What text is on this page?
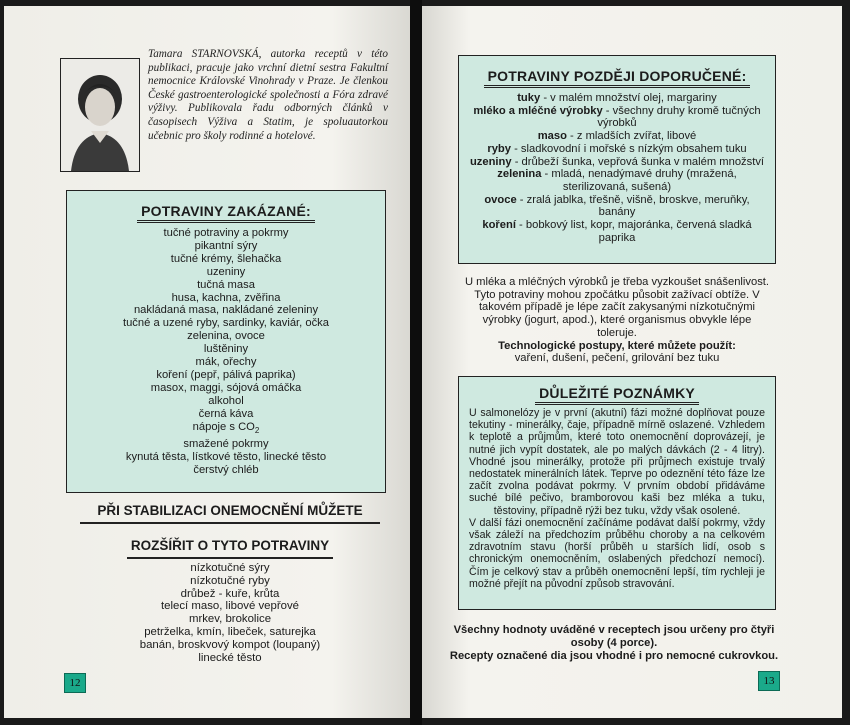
Tamara STARNOVSKÁ, autorka receptů v této publikaci, pracuje jako vrchní dietní sestra Fakultní nemocnice Královské Vinohrady v Praze. Je členkou České gastroenterologické společnosti a Fóra zdravé výživy. Publikovala řadu odborných článků v časopisech Výživa a Statim, je spoluautorkou učebnic pro školy rodinné a hotelové.
POTRAVINY ZAKÁZANÉ:
tučné potraviny a pokrmy
pikantní sýry
tučné krémy, šlehačka
uzeniny
tučná masa
husa, kachna, zvěřina
nakládaná masa, nakládané zeleniny
tučné a uzené ryby, sardinky, kaviár, očka
zelenina, ovoce
luštěniny
mák, ořechy
koření (pepř, pálivá paprika)
masox, maggi, sójová omáčka
alkohol
černá káva
nápoje s $CO_2$
smažené pokrmy
kynutá těsta, lístkové těsto, linecké těsto
čerstvý chléb
PŘI STABILIZACI ONEMOCNĚNÍ MŮŽETE
ROZŠÍŘIT O TYTO POTRAVINY
nízkotučné sýry
nízkotučné ryby
drůbež - kuře, krůta
telecí maso, libové vepřové
mrkev, brokolice
petrželka, kmín, libeček, saturejka
banán, broskvový kompot (loupaný)
linecké těsto
12
POTRAVINY POZDĚJI DOPORUČENÉ:
tuky - v malém množství olej, margarinу
mléko a mléčné výrobky - všechny druhy kromě tučných výrobků
maso - z mladších zvířat, libové
ryby - sladkovodní i mořské s nízkým obsahem tuku
uzeniny - drůbeží šunka, vepřová šunka v malém množství
zelenina - mladá, nenadýmavé druhy (mražená, sterilizovaná, sušená)
ovoce - zralá jablka, třešně, višně, broskve, meruňky, banány
koření - bobkový list, kopr, majoránka, červená sladká paprika
U mléka a mléčných výrobků je třeba vyzkoušet snášenlivost. Tyto potraviny mohou zpočátku působit zažívací obtíže. V takovém případě je lépe začít zakysanými nízkotučnými výrobky (jogurt, apod.), které organismus obvykle lépe toleruje.
Technologické postupy, které můžete použít:
vaření, dušení, pečení, grilování bez tuku
DŮLEŽITÉ POZNÁMKY
U salmonelózy je v první (akutní) fázi možné doplňovat pouze tekutiny - minerálky, čaje, případně mírně oslazené. Vzhledem k teplotě a průjmům, které toto onemocnění doprovázejí, je nutné jich vypít dostatek, ale po malých dávkách (2 - 4 litry). Vhodné jsou minerálky, protože při průjmech existuje trvalý nedostatek minerálních látek. Teprve po odeznění této fáze lze začít zvolna podávat pokrmy. V prvním období přidáváme suché bílé pečivo, bramborovou kaši bez mléka a tuku, těstoviny, případně rýži bez tuku, vždy však osolené.
V další fázi onemocnění začínáme podávat další pokrmy, vždy však záleží na předchozím průběhu choroby a na celkovém zdravotním stavu (horší průběh u starších lidí, osob s chronickým onemocněním, oslabených předchozí nemocí). Čím je celkový stav a průběh onemocnění lepší, tím rychleji je možné přejít na původní způsob stravování.
Všechny hodnoty uváděné v receptech jsou určeny pro čtyři osoby (4 porce).
Recepty označené dia jsou vhodné i pro nemocné cukrovkou.
13
